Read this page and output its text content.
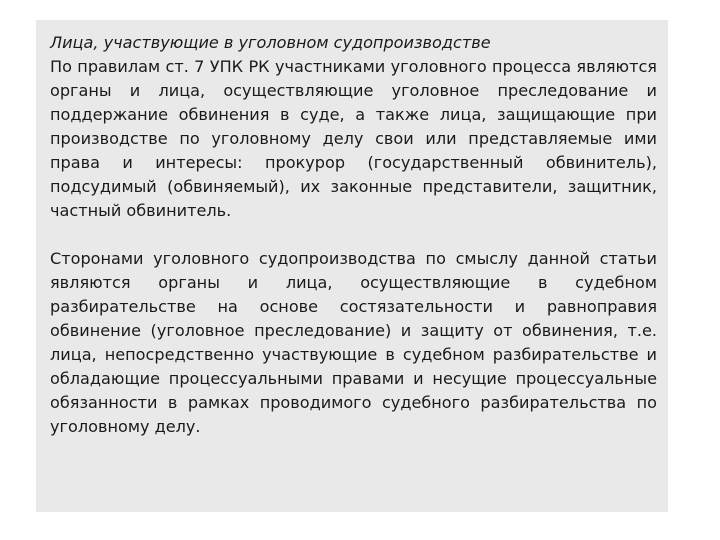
Лица, участвующие в уголовном судопроизводстве

По правилам ст. 7 УПК РК участниками уголовного процесса являются органы и лица, осуществляющие уголовное преследование и поддержание обвинения в суде, а также лица, защищающие при производстве по уголовному делу свои или представляемые ими права и интересы: прокурор (государственный обвинитель), подсудимый (обвиняемый), их законные представители, защитник, частный обвинитель.

Сторонами уголовного судопроизводства по смыслу данной статьи являются органы и лица, осуществляющие в судебном разбирательстве на основе состязательности и равноправия обвинение (уголовное преследование) и защиту от обвинения, т.е. лица, непосредственно участвующие в судебном разбирательстве и обладающие процессуальными правами и несущие процессуальные обязанности в рамках проводимого судебного разбирательства по уголовному делу.
